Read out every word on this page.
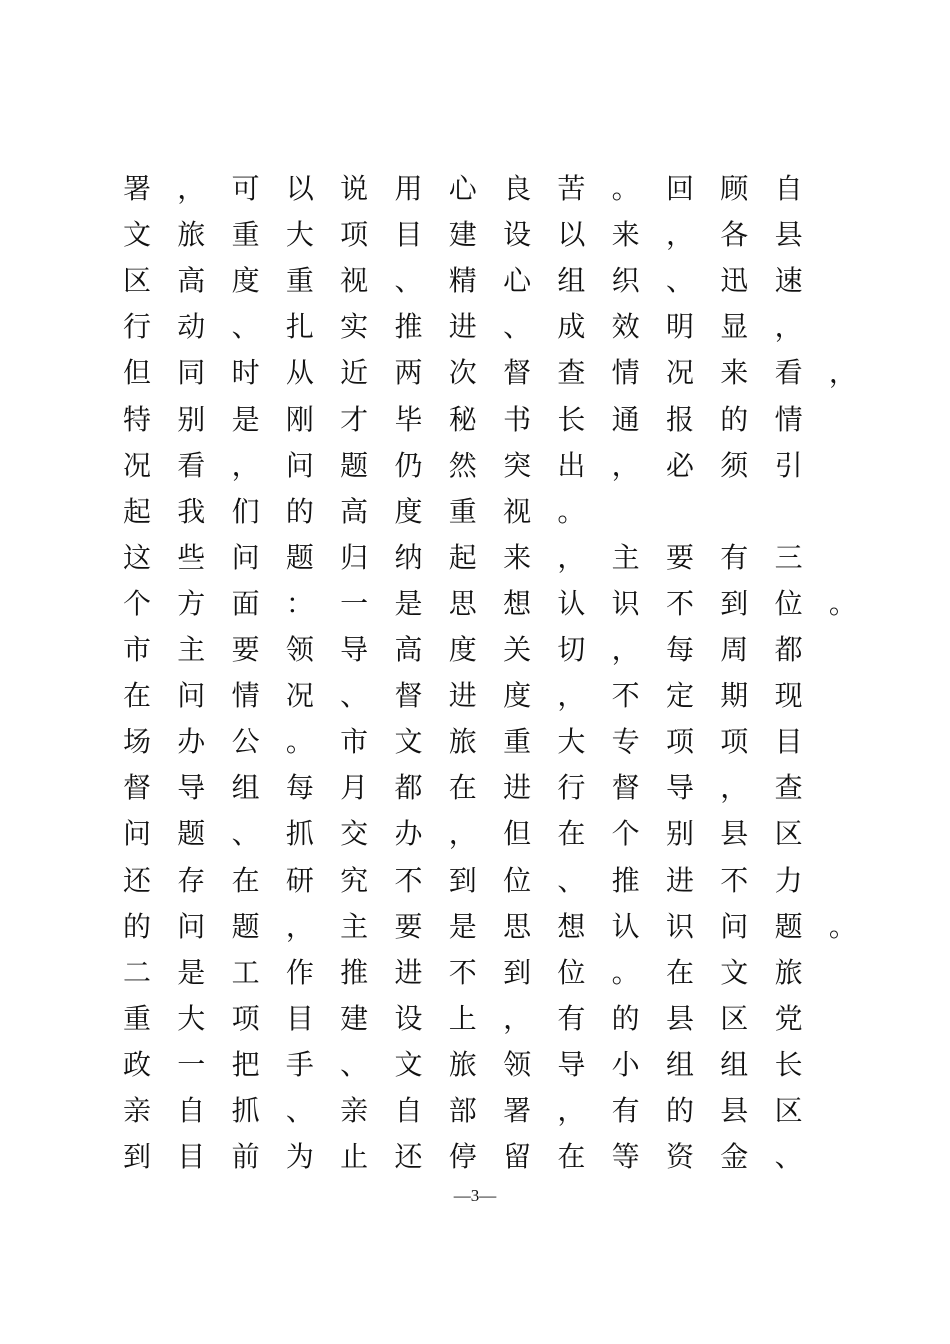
署 ， 可 以 说 用 心 良 苦 。 回 顾 自
文 旅 重 大 项 目 建 设 以 来 ， 各 县
区 高 度 重 视 、 精 心 组 织 、 迅 速
行 动 、 扎 实 推 进 、 成 效 明 显 ，
但 同 时 从 近 两 次 督 查 情 况 来 看 ，
特 别 是 刚 才 毕 秘 书 长 通 报 的 情
况 看 ， 问 题 仍 然 突 出 ， 必 须 引
起 我 们 的 高 度 重 视 。
这 些 问 题 归 纳 起 来 ， 主 要 有 三
个 方 面 ： 一 是 思 想 认 识 不 到 位 。
市 主 要 领 导 高 度 关 切 ， 每 周 都
在 问 情 况 、 督 进 度 ， 不 定 期 现
场 办 公 。 市 文 旅 重 大 专 项 项 目
督 导 组 每 月 都 在 进 行 督 导 ， 查
问 题 、 抓 交 办 ， 但 在 个 别 县 区
还 存 在 研 究 不 到 位 、 推 进 不 力
的 问 题 ， 主 要 是 思 想 认 识 问 题 。
二 是 工 作 推 进 不 到 位 。 在 文 旅
重 大 项 目 建 设 上 ， 有 的 县 区 党
政 一 把 手 、 文 旅 领 导 小 组 组 长
亲 自 抓 、 亲 自 部 署 ， 有 的 县 区
到 目 前 为 止 还 停 留 在 等 资 金 、
—3—
